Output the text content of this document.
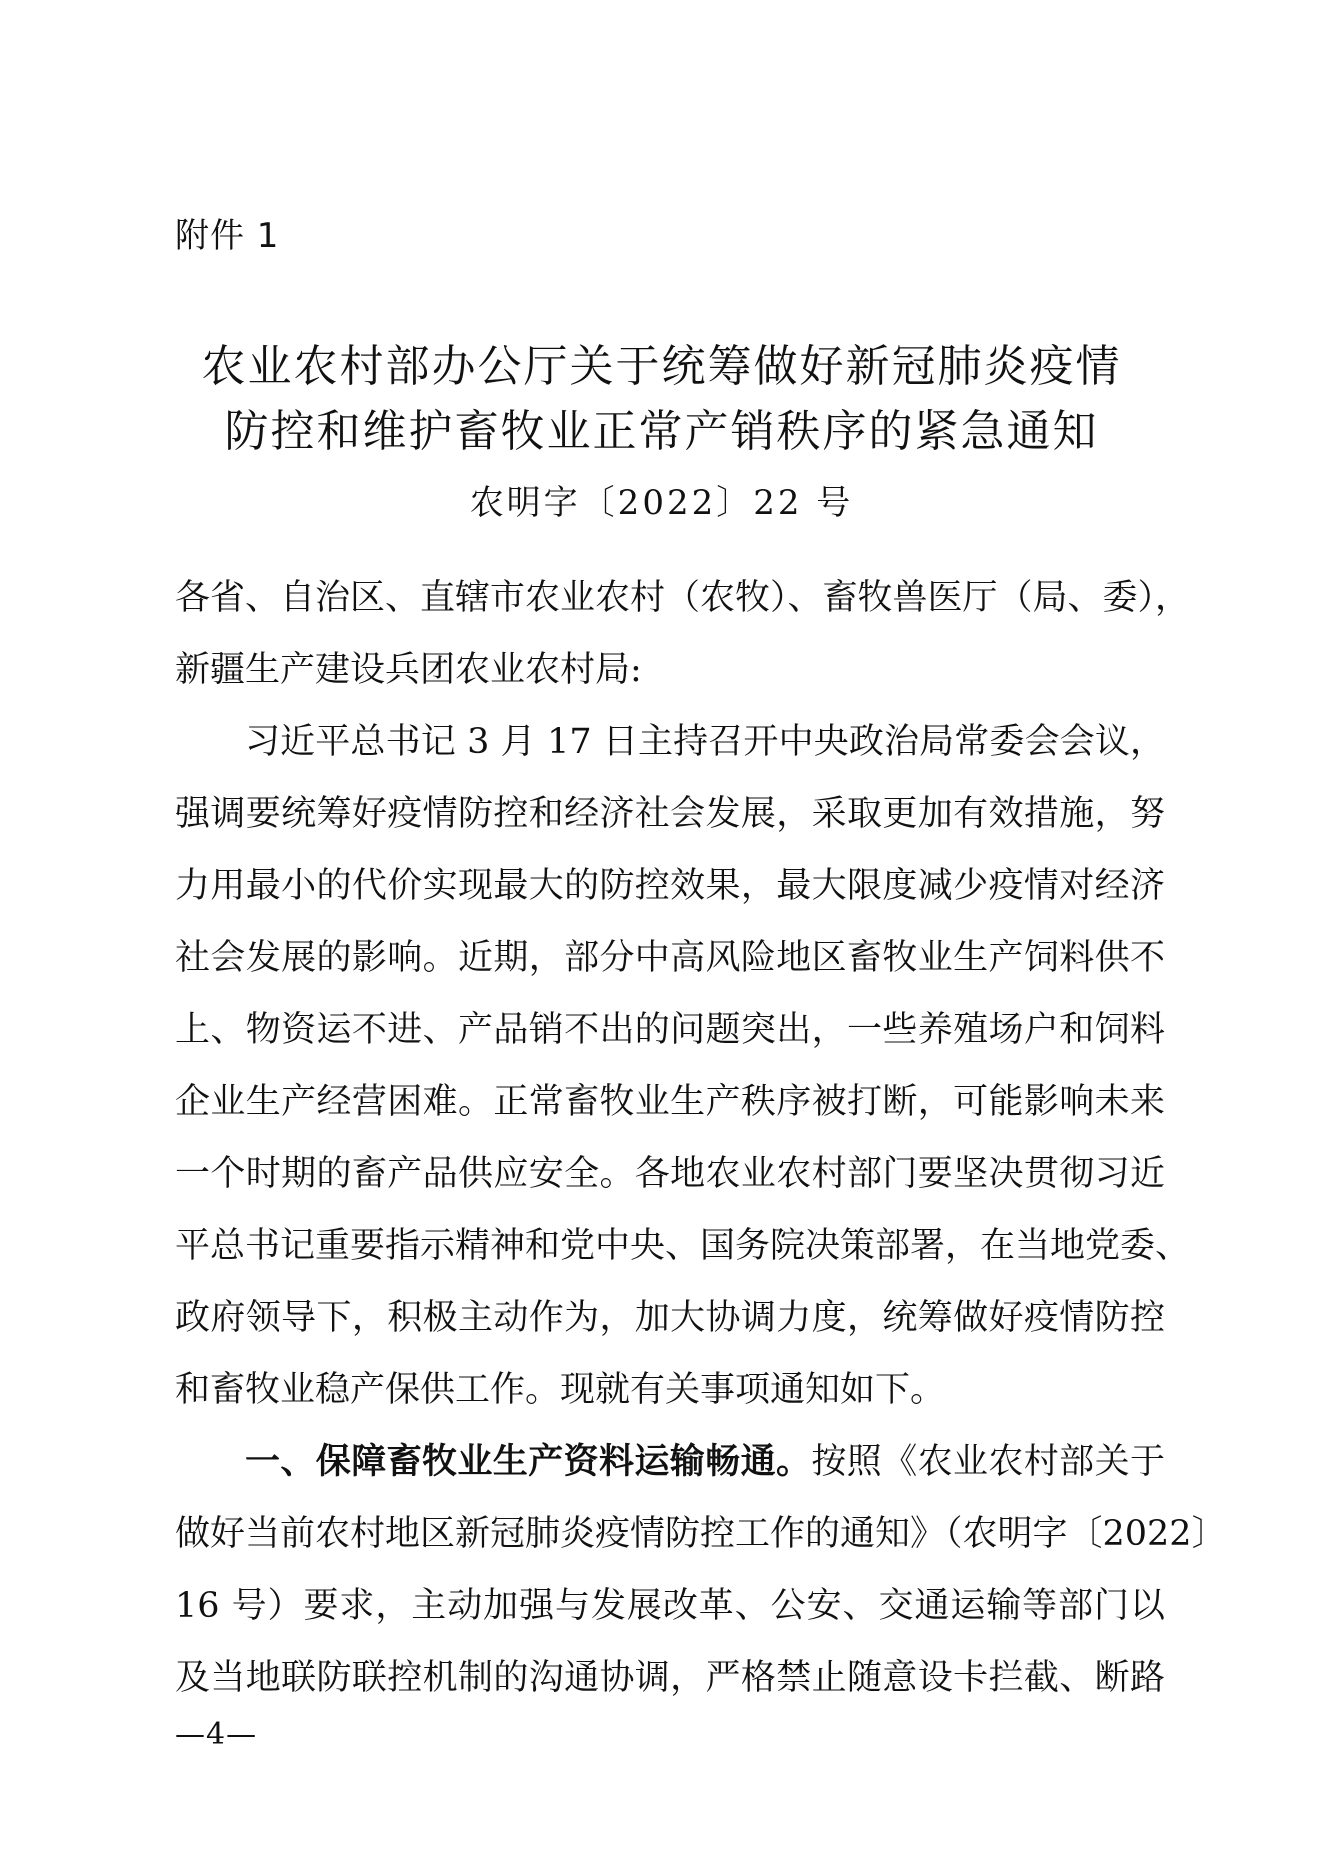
附件 1
农业农村部办公厅关于统筹做好新冠肺炎疫情
防控和维护畜牧业正常产销秩序的紧急通知
农明字〔2022〕22 号
各省、自治区、直辖市农业农村（农牧）、畜牧兽医厅（局、委），
新疆生产建设兵团农业农村局:
习近平总书记 3 月 17 日主持召开中央政治局常委会会议，
强调要统筹好疫情防控和经济社会发展，采取更加有效措施，努
力用最小的代价实现最大的防控效果，最大限度减少疫情对经济
社会发展的影响。近期，部分中高风险地区畜牧业生产饲料供不
上、物资运不进、产品销不出的问题突出，一些养殖场户和饲料
企业生产经营困难。正常畜牧业生产秩序被打断，可能影响未来
一个时期的畜产品供应安全。各地农业农村部门要坚决贯彻习近
平总书记重要指示精神和党中央、国务院决策部署，在当地党委、
政府领导下，积极主动作为，加大协调力度，统筹做好疫情防控
和畜牧业稳产保供工作。现就有关事项通知如下。
一、保障畜牧业生产资料运输畅通。按照《农业农村部关于
做好当前农村地区新冠肺炎疫情防控工作的通知》（农明字〔2022〕
16 号）要求，主动加强与发展改革、公安、交通运输等部门以
及当地联防联控机制的沟通协调，严格禁止随意设卡拦截、断路
—4—
